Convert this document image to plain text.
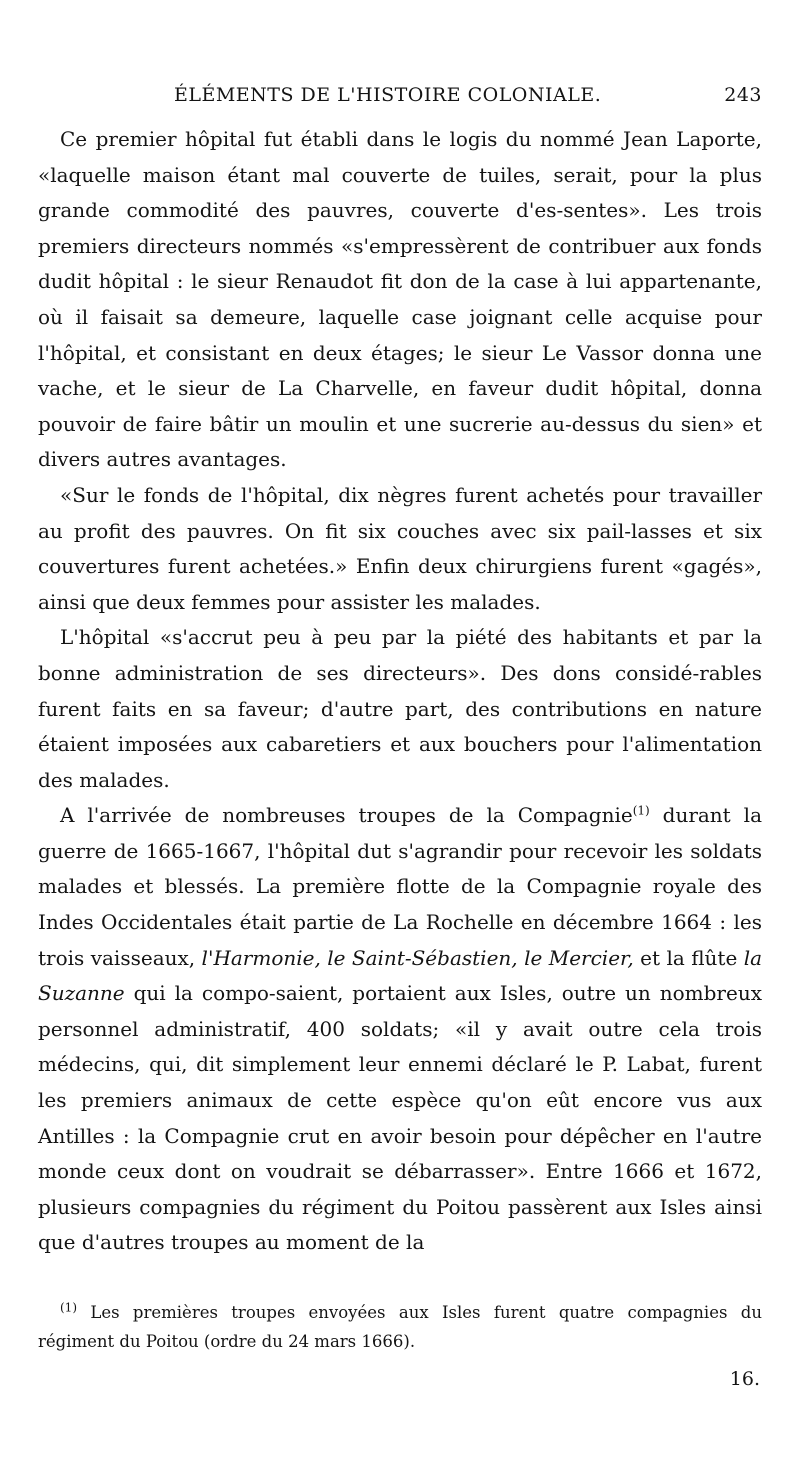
ÉLÉMENTS DE L'HISTOIRE COLONIALE.	243

Ce premier hôpital fut établi dans le logis du nommé Jean Laporte, «laquelle maison étant mal couverte de tuiles, serait, pour la plus grande commodité des pauvres, couverte d'es-sentes». Les trois premiers directeurs nommés «s'empressèrent de contribuer aux fonds dudit hôpital : le sieur Renaudot fit don de la case à lui appartenante, où il faisait sa demeure, laquelle case joignant celle acquise pour l'hôpital, et consistant en deux étages; le sieur Le Vassor donna une vache, et le sieur de La Charvelle, en faveur dudit hôpital, donna pouvoir de faire bâtir un moulin et une sucrerie au-dessus du sien» et divers autres avantages.

«Sur le fonds de l'hôpital, dix nègres furent achetés pour travailler au profit des pauvres. On fit six couches avec six pail-lasses et six couvertures furent achetées.» Enfin deux chirurgiens furent «gagés», ainsi que deux femmes pour assister les malades.

L'hôpital «s'accrut peu à peu par la piété des habitants et par la bonne administration de ses directeurs». Des dons considé-rables furent faits en sa faveur; d'autre part, des contributions en nature étaient imposées aux cabaretiers et aux bouchers pour l'alimentation des malades.

A l'arrivée de nombreuses troupes de la Compagnie$^{(1)}$ durant la guerre de 1665-1667, l'hôpital dut s'agrandir pour recevoir les soldats malades et blessés. La première flotte de la Compagnie royale des Indes Occidentales était partie de La Rochelle en décembre 1664 : les trois vaisseaux, l'Harmonie, le Saint-Sébastien, le Mercier, et la flûte la Suzanne qui la compo-saient, portaient aux Isles, outre un nombreux personnel administratif, 400 soldats; «il y avait outre cela trois médecins, qui, dit simplement leur ennemi déclaré le P. Labat, furent les premiers animaux de cette espèce qu'on eût encore vus aux Antilles : la Compagnie crut en avoir besoin pour dépêcher en l'autre monde ceux dont on voudrait se débarrasser». Entre 1666 et 1672, plusieurs compagnies du régiment du Poitou passèrent aux Isles ainsi que d'autres troupes au moment de la

$^{(1)}$ Les premières troupes envoyées aux Isles furent quatre compagnies du régiment du Poitou (ordre du 24 mars 1666).
16.
